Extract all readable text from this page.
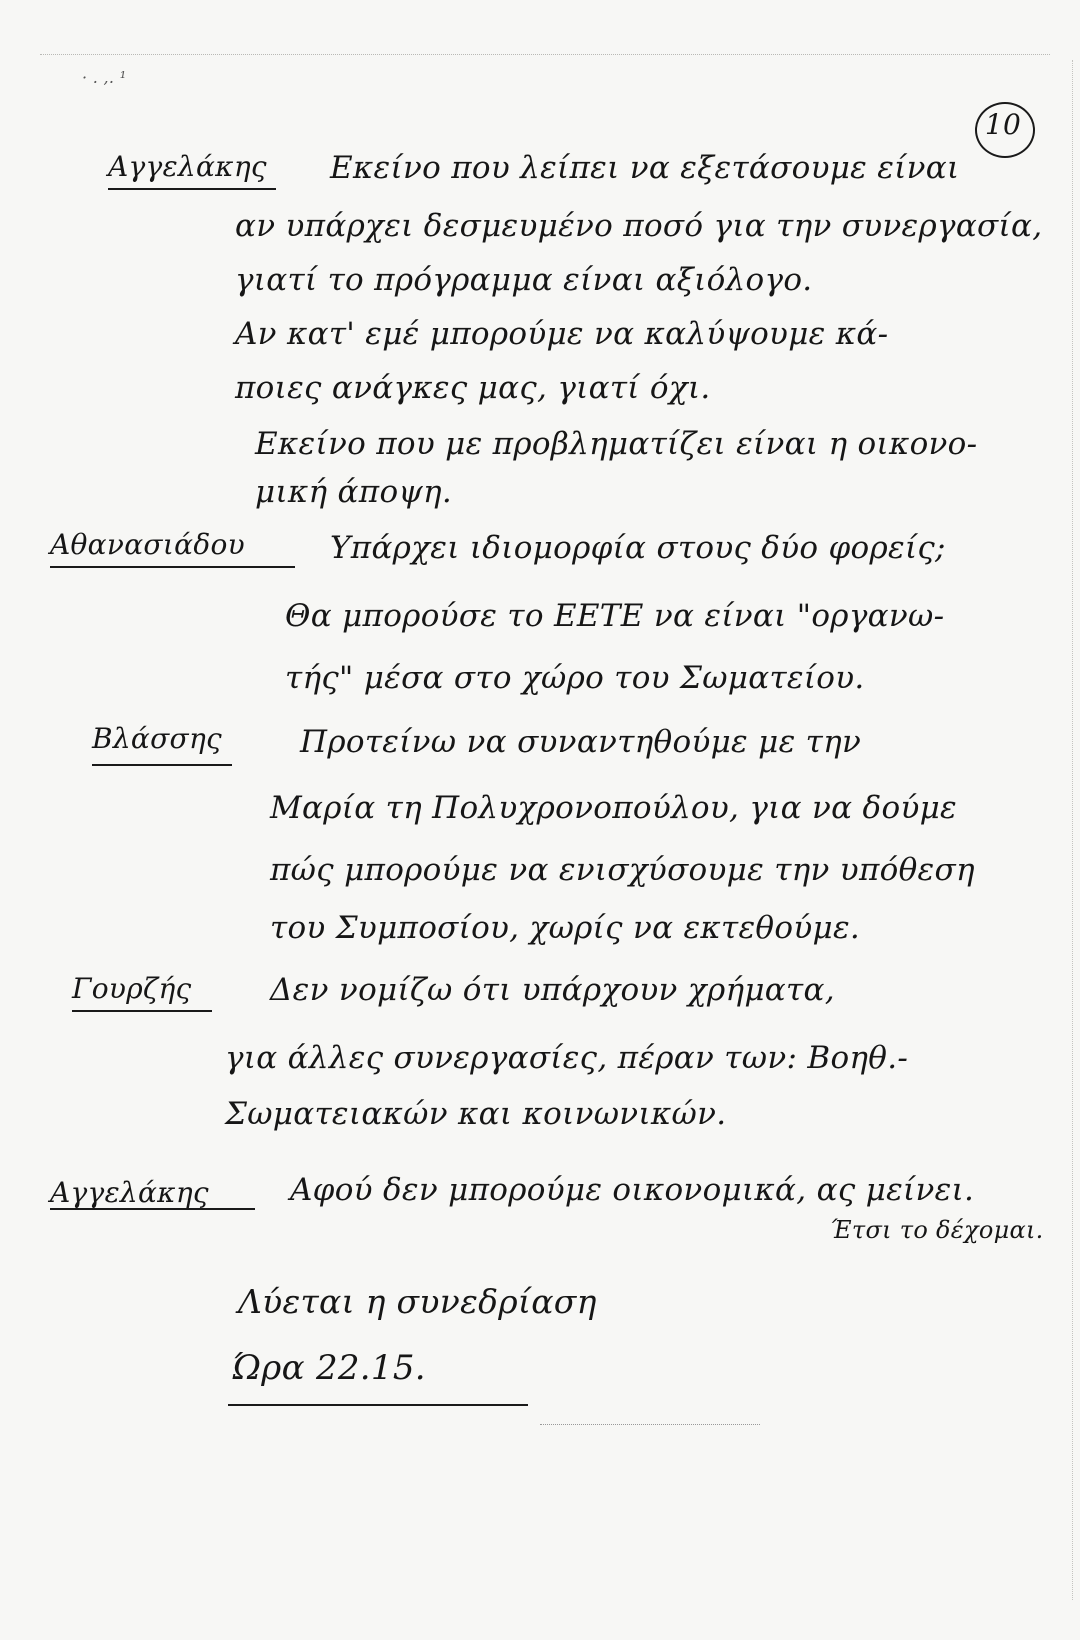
· . ,. ¹
10
Αγγελάκης Εκείνο που λείπει να εξετάσουμε είναι
αν υπάρχει δεσμευμένο ποσό για την συνεργασία,
γιατί το πρόγραμμα είναι αξιόλογο.
Αν κατ' εμέ μπορούμε να καλύψουμε κά-
ποιες ανάγκες μας, γιατί όχι.
Εκείνο που με προβληματίζει είναι η οικονο-
μική άποψη.
Αθανασιάδου	Υπάρχει ιδιομορφία στους δύο φορείς;
Θα μπορούσε το ΕΕΤΕ να είναι "οργανω-
τής" μέσα στο χώρο του Σωματείου.
Βλάσσης	Προτείνω να συναντηθούμε με την
Μαρία τη Πολυχρονοπούλου, για να δούμε
πώς μπορούμε να ενισχύσουμε την υπόθεση
του Συμποσίου, χωρίς να εκτεθούμε.
Γουρζής	Δεν νομίζω ότι υπάρχουν χρήματα,
για άλλες συνεργασίες, πέραν των: Βοηθ.-
Σωματειακών και κοινωνικών.
Αγγελάκης	Αφού δεν μπορούμε οικονομικά, ας μείνει.
Έτσι το δέχομαι.
Λύεται η συνεδρίαση
Ώρα 22.15.
